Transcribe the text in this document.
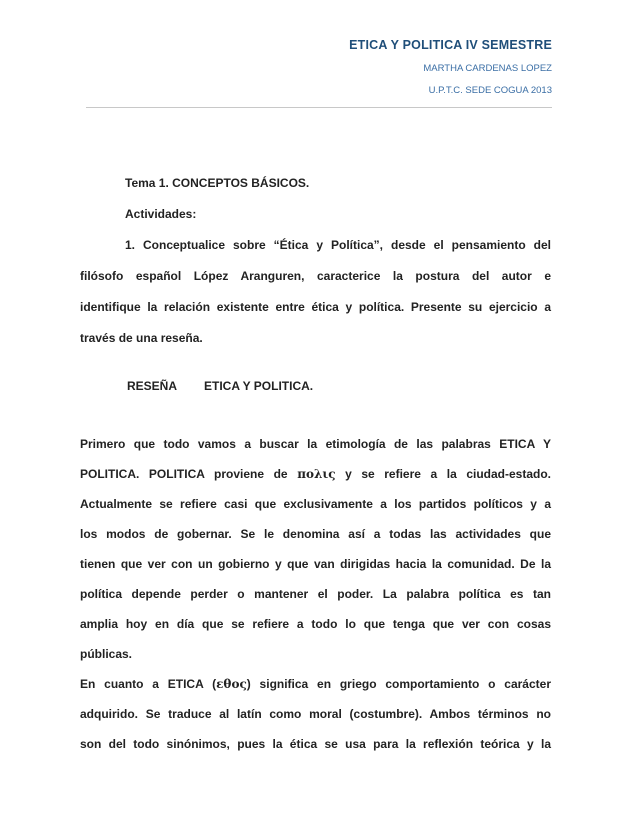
ETICA Y POLITICA IV SEMESTRE
MARTHA CARDENAS LOPEZ
U.P.T.C. SEDE COGUA 2013
Tema 1. CONCEPTOS BÁSICOS.
Actividades:
1. Conceptualice sobre “Ética y Política”, desde el pensamiento del
filósofo español López Aranguren, caracterice la postura del autor e
identifique la relación existente entre ética y política. Presente su ejercicio a
través de una reseña.
RESEÑA ETICA Y POLITICA.
Primero que todo vamos a buscar la etimología de las palabras ETICA Y
POLITICA. POLITICA proviene de πολις y se refiere a la ciudad-estado.
Actualmente se refiere casi que exclusivamente a los partidos políticos y a
los modos de gobernar. Se le denomina así a todas las actividades que
tienen que ver con un gobierno y que van dirigidas hacia la comunidad. De la
política depende perder o mantener el poder. La palabra política es tan
amplia hoy en día que se refiere a todo lo que tenga que ver con cosas
públicas.
En cuanto a ETICA (εθος) significa en griego comportamiento o carácter
adquirido. Se traduce al latín como moral (costumbre). Ambos términos no
son del todo sinónimos, pues la ética se usa para la reflexión teórica y la
